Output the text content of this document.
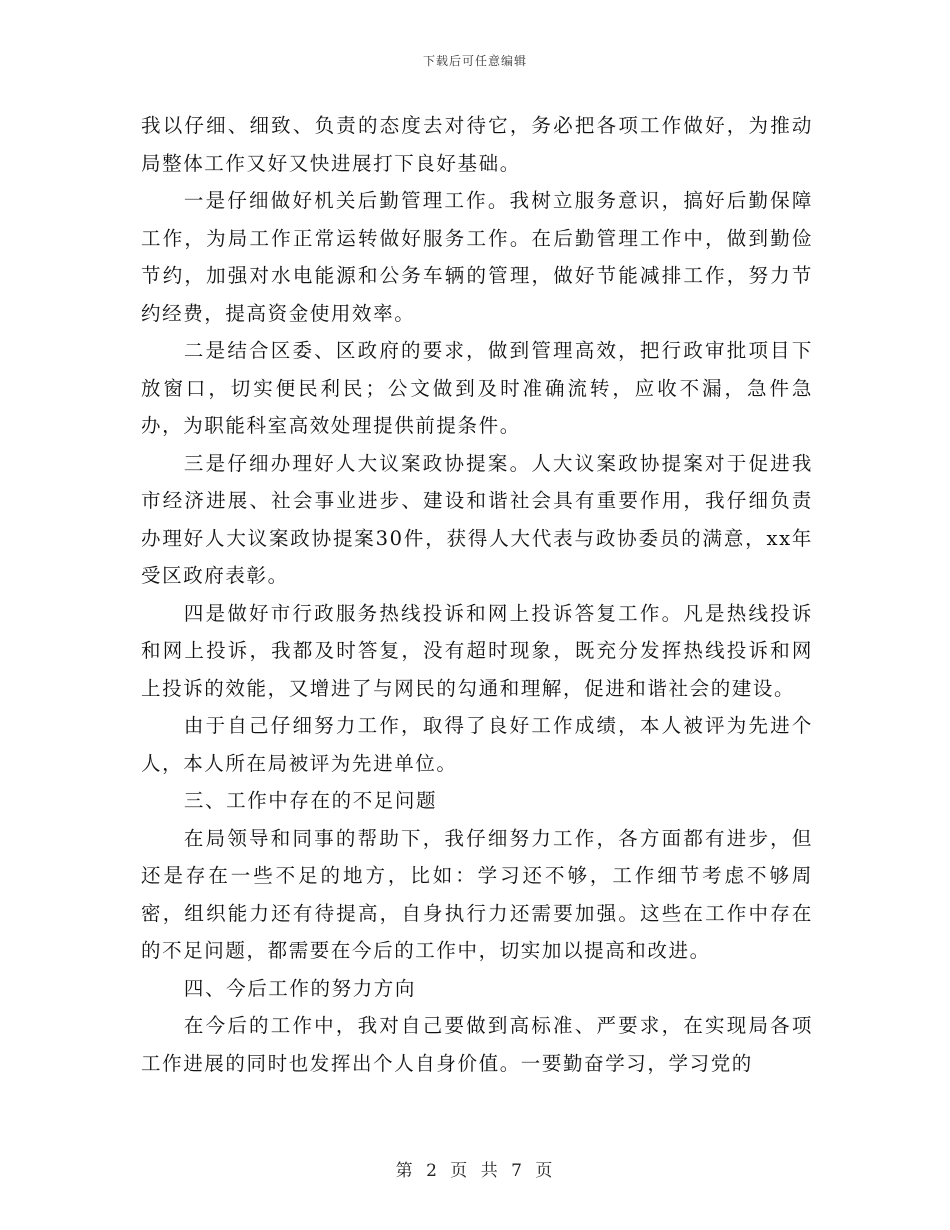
下载后可任意编辑

我以仔细、细致、负责的态度去对待它，务必把各项工作做好，为推动局整体工作又好又快进展打下良好基础。

一是仔细做好机关后勤管理工作。我树立服务意识，搞好后勤保障工作，为局工作正常运转做好服务工作。在后勤管理工作中，做到勤俭节约，加强对水电能源和公务车辆的管理，做好节能减排工作，努力节约经费，提高资金使用效率。

二是结合区委、区政府的要求，做到管理高效，把行政审批项目下放窗口，切实便民利民；公文做到及时准确流转，应收不漏，急件急办，为职能科室高效处理提供前提条件。

三是仔细办理好人大议案政协提案。人大议案政协提案对于促进我市经济进展、社会事业进步、建设和谐社会具有重要作用，我仔细负责办理好人大议案政协提案30件，获得人大代表与政协委员的满意，xx年受区政府表彰。

四是做好市行政服务热线投诉和网上投诉答复工作。凡是热线投诉和网上投诉，我都及时答复，没有超时现象，既充分发挥热线投诉和网上投诉的效能，又增进了与网民的勾通和理解，促进和谐社会的建设。

由于自己仔细努力工作，取得了良好工作成绩，本人被评为先进个人，本人所在局被评为先进单位。

三、工作中存在的不足问题

在局领导和同事的帮助下，我仔细努力工作，各方面都有进步，但还是存在一些不足的地方，比如：学习还不够，工作细节考虑不够周密，组织能力还有待提高，自身执行力还需要加强。这些在工作中存在的不足问题，都需要在今后的工作中，切实加以提高和改进。

四、今后工作的努力方向

在今后的工作中，我对自己要做到高标准、严要求，在实现局各项工作进展的同时也发挥出个人自身价值。一要勤奋学习，学习党的

第 2 页 共 7 页
